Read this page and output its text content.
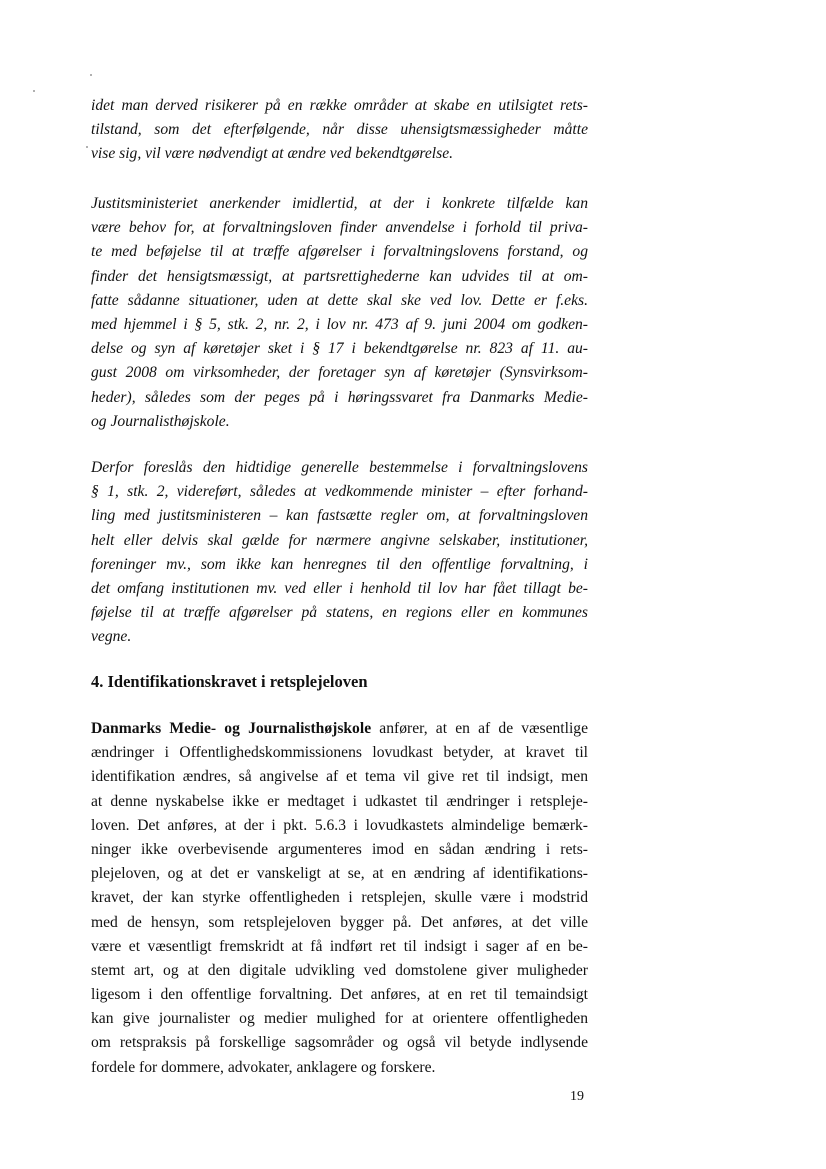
idet man derved risikerer på en række områder at skabe en utilsigtet rets-
tilstand, som det efterfølgende, når disse uhensigtsmæssigheder måtte
vise sig, vil være nødvendigt at ændre ved bekendtgørelse.
Justitsministeriet anerkender imidlertid, at der i konkrete tilfælde kan
være behov for, at forvaltningsloven finder anvendelse i forhold til priva-
te med beføjelse til at træffe afgørelser i forvaltningslovens forstand, og
finder det hensigtsmæssigt, at partsrettighederne kan udvides til at om-
fatte sådanne situationer, uden at dette skal ske ved lov. Dette er f.eks.
med hjemmel i § 5, stk. 2, nr. 2, i lov nr. 473 af 9. juni 2004 om godken-
delse og syn af køretøjer sket i § 17 i bekendtgørelse nr. 823 af 11. au-
gust 2008 om virksomheder, der foretager syn af køretøjer (Synsvirksom-
heder), således som der peges på i høringssvaret fra Danmarks Medie-
og Journalisthøjskole.
Derfor foreslås den hidtidige generelle bestemmelse i forvaltningslovens
§ 1, stk. 2, videreført, således at vedkommende minister – efter forhand-
ling med justitsministeren – kan fastsætte regler om, at forvaltningsloven
helt eller delvis skal gælde for nærmere angivne selskaber, institutioner,
foreninger mv., som ikke kan henregnes til den offentlige forvaltning, i
det omfang institutionen mv. ved eller i henhold til lov har fået tillagt be-
føjelse til at træffe afgørelser på statens, en regions eller en kommunes
vegne.
4. Identifikationskravet i retsplejeloven
Danmarks Medie- og Journalisthøjskole anfører, at en af de væsentlige
ændringer i Offentlighedskommissionens lovudkast betyder, at kravet til
identifikation ændres, så angivelse af et tema vil give ret til indsigt, men
at denne nyskabelse ikke er medtaget i udkastet til ændringer i retspleje-
loven. Det anføres, at der i pkt. 5.6.3 i lovudkastets almindelige bemærk-
ninger ikke overbevisende argumenteres imod en sådan ændring i rets-
plejeloven, og at det er vanskeligt at se, at en ændring af identifikations-
kravet, der kan styrke offentligheden i retsplejen, skulle være i modstrid
med de hensyn, som retsplejeloven bygger på. Det anføres, at det ville
være et væsentligt fremskridt at få indført ret til indsigt i sager af en be-
stemt art, og at den digitale udvikling ved domstolene giver muligheder
ligesom i den offentlige forvaltning. Det anføres, at en ret til temaindsigt
kan give journalister og medier mulighed for at orientere offentligheden
om retspraksis på forskellige sagsområder og også vil betyde indlysende
fordele for dommere, advokater, anklagere og forskere.
19
